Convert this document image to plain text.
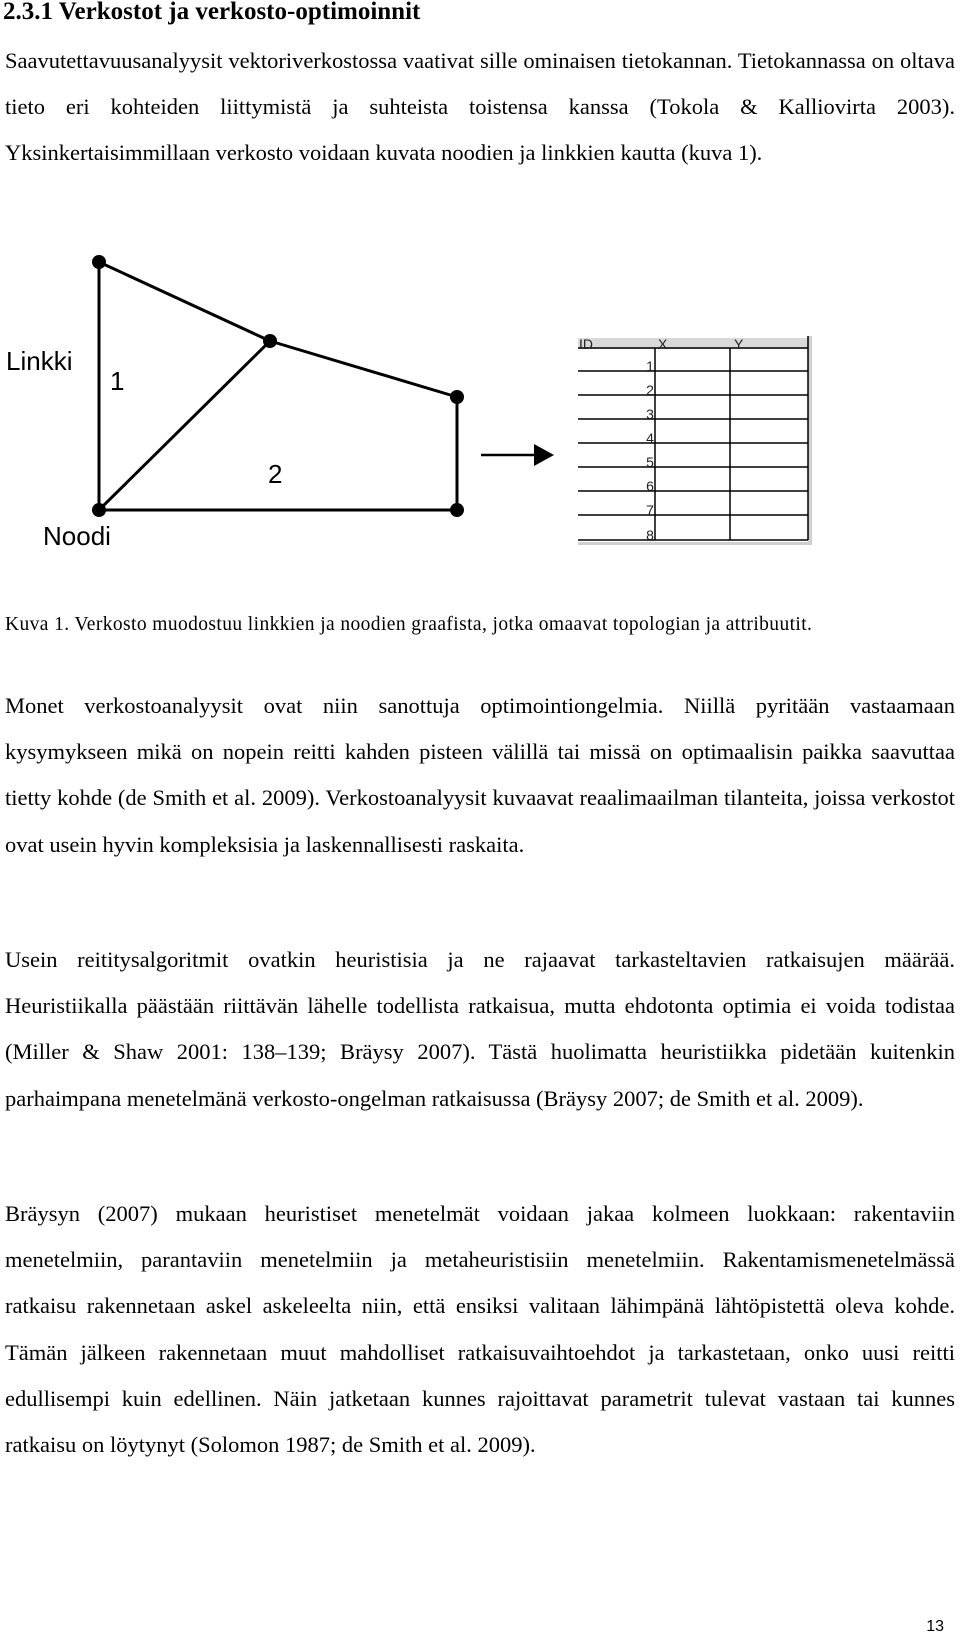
2.3.1 Verkostot ja verkosto-optimoinnit

Saavutettavuusanalyysit vektoriverkostossa vaativat sille ominaisen tietokannan. Tietokannassa on oltava tieto eri kohteiden liittymistä ja suhteista toistensa kanssa (Tokola & Kalliovirta 2003). Yksinkertaisimmillaan verkosto voidaan kuvata noodien ja linkkien kautta (kuva 1).

Linkki
1
2
Noodi
ID	X	Y
1
2
3
4
5
6
7
8

Kuva 1. Verkosto muodostuu linkkien ja noodien graafista, jotka omaavat topologian ja attribuutit.

Monet verkostoanalyysit ovat niin sanottuja optimointiongelmia. Niillä pyritään vastaamaan kysymykseen mikä on nopein reitti kahden pisteen välillä tai missä on optimaalisin paikka saavuttaa tietty kohde (de Smith et al. 2009). Verkostoanalyysit kuvaavat reaalimaailman tilanteita, joissa verkostot ovat usein hyvin kompleksisia ja laskennallisesti raskaita.

Usein reititysalgoritmit ovatkin heuristisia ja ne rajaavat tarkasteltavien ratkaisujen määrää. Heuristiikalla päästään riittävän lähelle todellista ratkaisua, mutta ehdotonta optimia ei voida todistaa (Miller & Shaw 2001: 138–139; Bräysy 2007). Tästä huolimatta heuristiikka pidetään kuitenkin parhaimpana menetelmänä verkosto-ongelman ratkaisussa (Bräysy 2007; de Smith et al. 2009).

Bräysyn (2007) mukaan heuristiset menetelmät voidaan jakaa kolmeen luokkaan: rakentaviin menetelmiin, parantaviin menetelmiin ja metaheuristisiin menetelmiin. Rakentamismenetelmässä ratkaisu rakennetaan askel askeleelta niin, että ensiksi valitaan lähimpänä lähtöpistettä oleva kohde. Tämän jälkeen rakennetaan muut mahdolliset ratkaisuvaihtoehdot ja tarkastetaan, onko uusi reitti edullisempi kuin edellinen. Näin jatketaan kunnes rajoittavat parametrit tulevat vastaan tai kunnes ratkaisu on löytynyt (Solomon 1987; de Smith et al. 2009).

13
